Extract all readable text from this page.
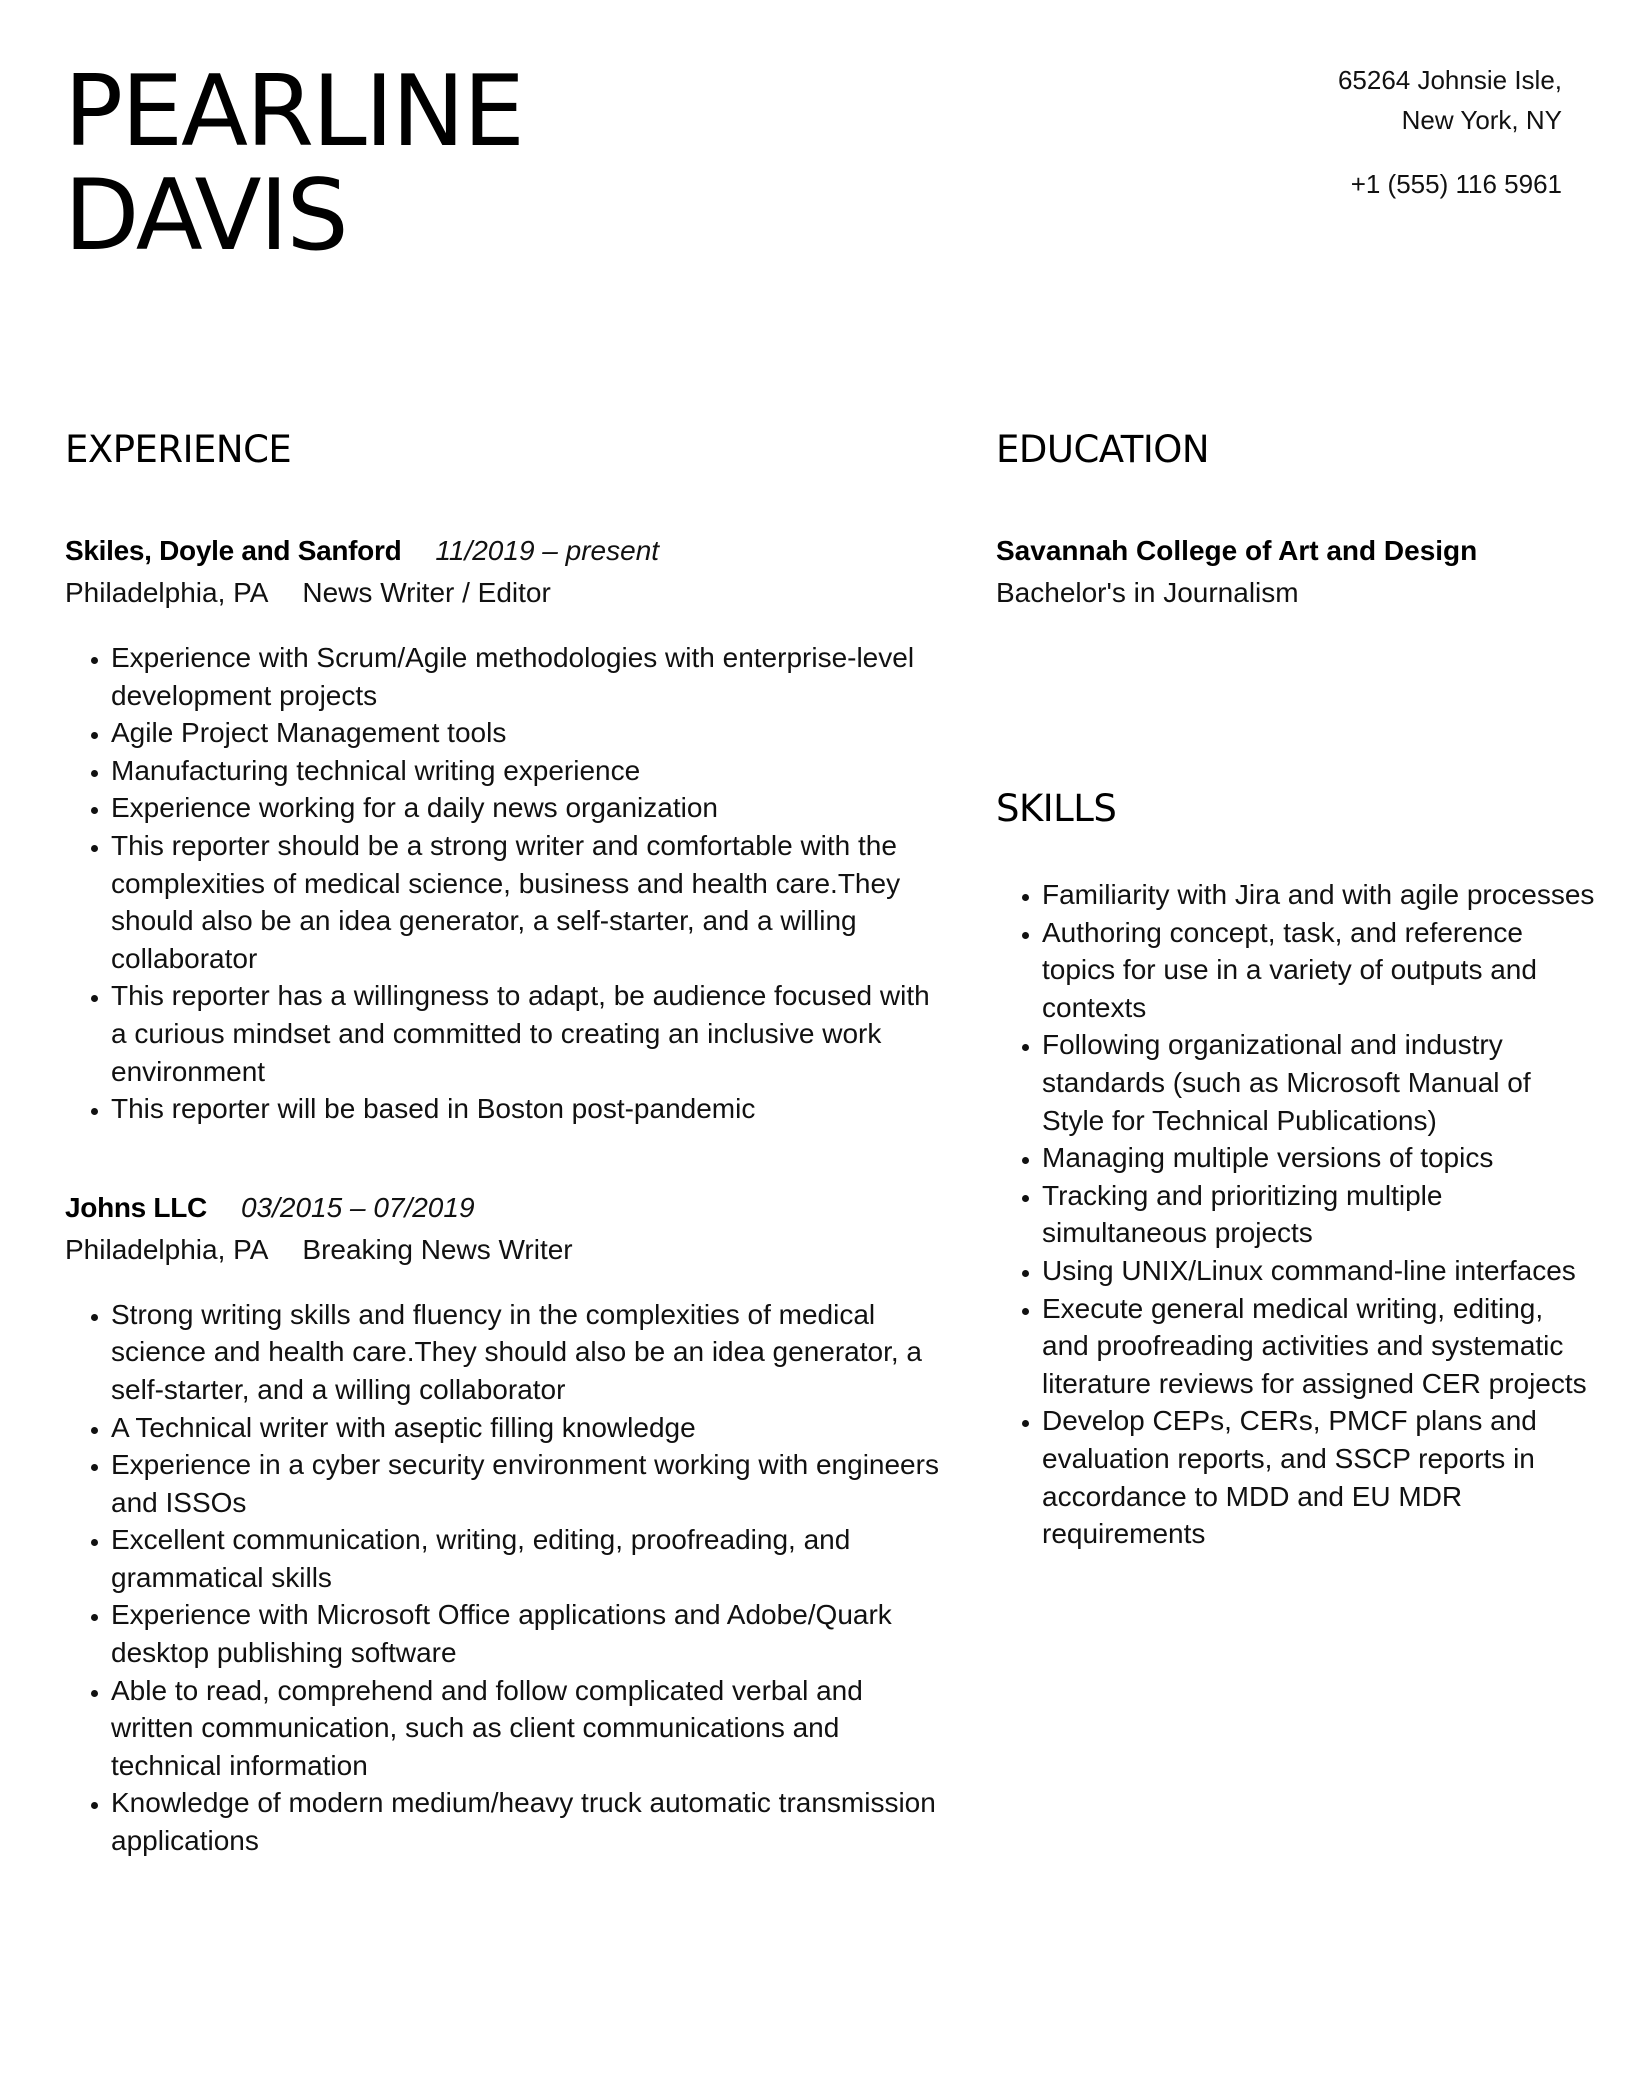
PEARLINE
DAVIS
65264 Johnsie Isle,
New York, NY
+1 (555) 116 5961
EXPERIENCE
Skiles, Doyle and Sanford 11/2019 – present
Philadelphia, PA News Writer / Editor
• Experience with Scrum/Agile methodologies with enterprise-level development projects
• Agile Project Management tools
• Manufacturing technical writing experience
• Experience working for a daily news organization
• This reporter should be a strong writer and comfortable with the complexities of medical science, business and health care.They should also be an idea generator, a self-starter, and a willing collaborator
• This reporter has a willingness to adapt, be audience focused with a curious mindset and committed to creating an inclusive work environment
• This reporter will be based in Boston post-pandemic
Johns LLC 03/2015 – 07/2019
Philadelphia, PA Breaking News Writer
• Strong writing skills and fluency in the complexities of medical science and health care.They should also be an idea generator, a self-starter, and a willing collaborator
• A Technical writer with aseptic filling knowledge
• Experience in a cyber security environment working with engineers and ISSOs
• Excellent communication, writing, editing, proofreading, and grammatical skills
• Experience with Microsoft Office applications and Adobe/Quark desktop publishing software
• Able to read, comprehend and follow complicated verbal and written communication, such as client communications and technical information
• Knowledge of modern medium/heavy truck automatic transmission applications
EDUCATION
Savannah College of Art and Design
Bachelor's in Journalism
SKILLS
• Familiarity with Jira and with agile processes
• Authoring concept, task, and reference topics for use in a variety of outputs and contexts
• Following organizational and industry standards (such as Microsoft Manual of Style for Technical Publications)
• Managing multiple versions of topics
• Tracking and prioritizing multiple simultaneous projects
• Using UNIX/Linux command-line interfaces
• Execute general medical writing, editing, and proofreading activities and systematic literature reviews for assigned CER projects
• Develop CEPs, CERs, PMCF plans and evaluation reports, and SSCP reports in accordance to MDD and EU MDR requirements
